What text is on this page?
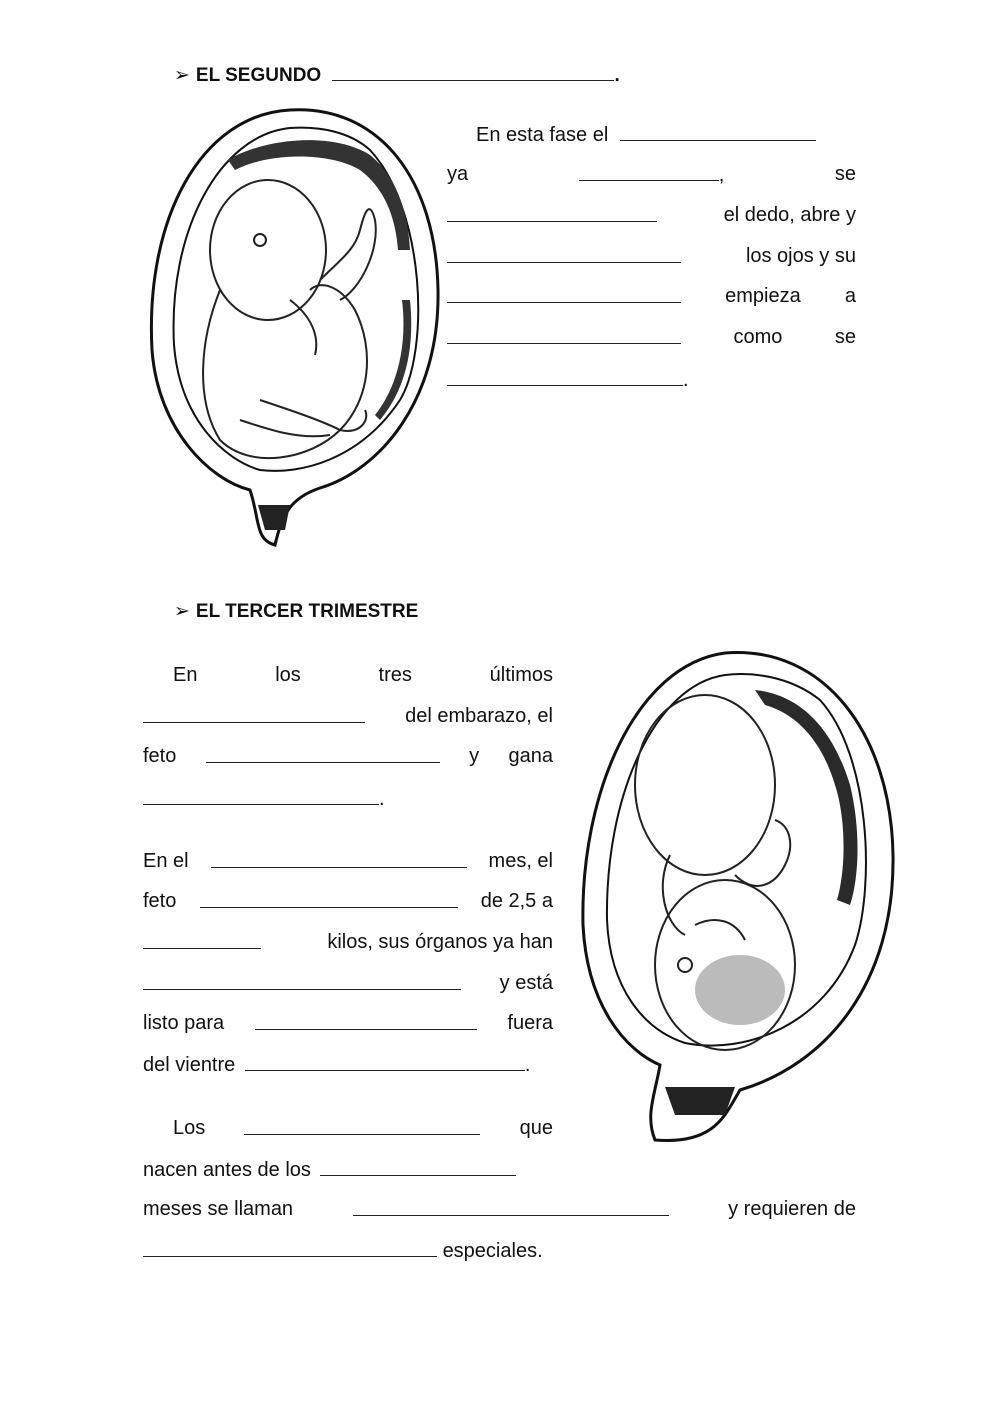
➢ EL SEGUNDO	.
En esta fase el
ya	,	se
el dedo, abre y
los ojos y su
empieza a
como	se
.
➢ EL TERCER TRIMESTRE
En	los	tres	últimos
del embarazo, el
feto	y gana
.
En el	mes, el
feto	de 2,5 a
kilos, sus órganos ya han
y está
listo para	fuera
del vientre	.
Los	que
nacen antes de los
meses se llaman	y requieren de
especiales.
